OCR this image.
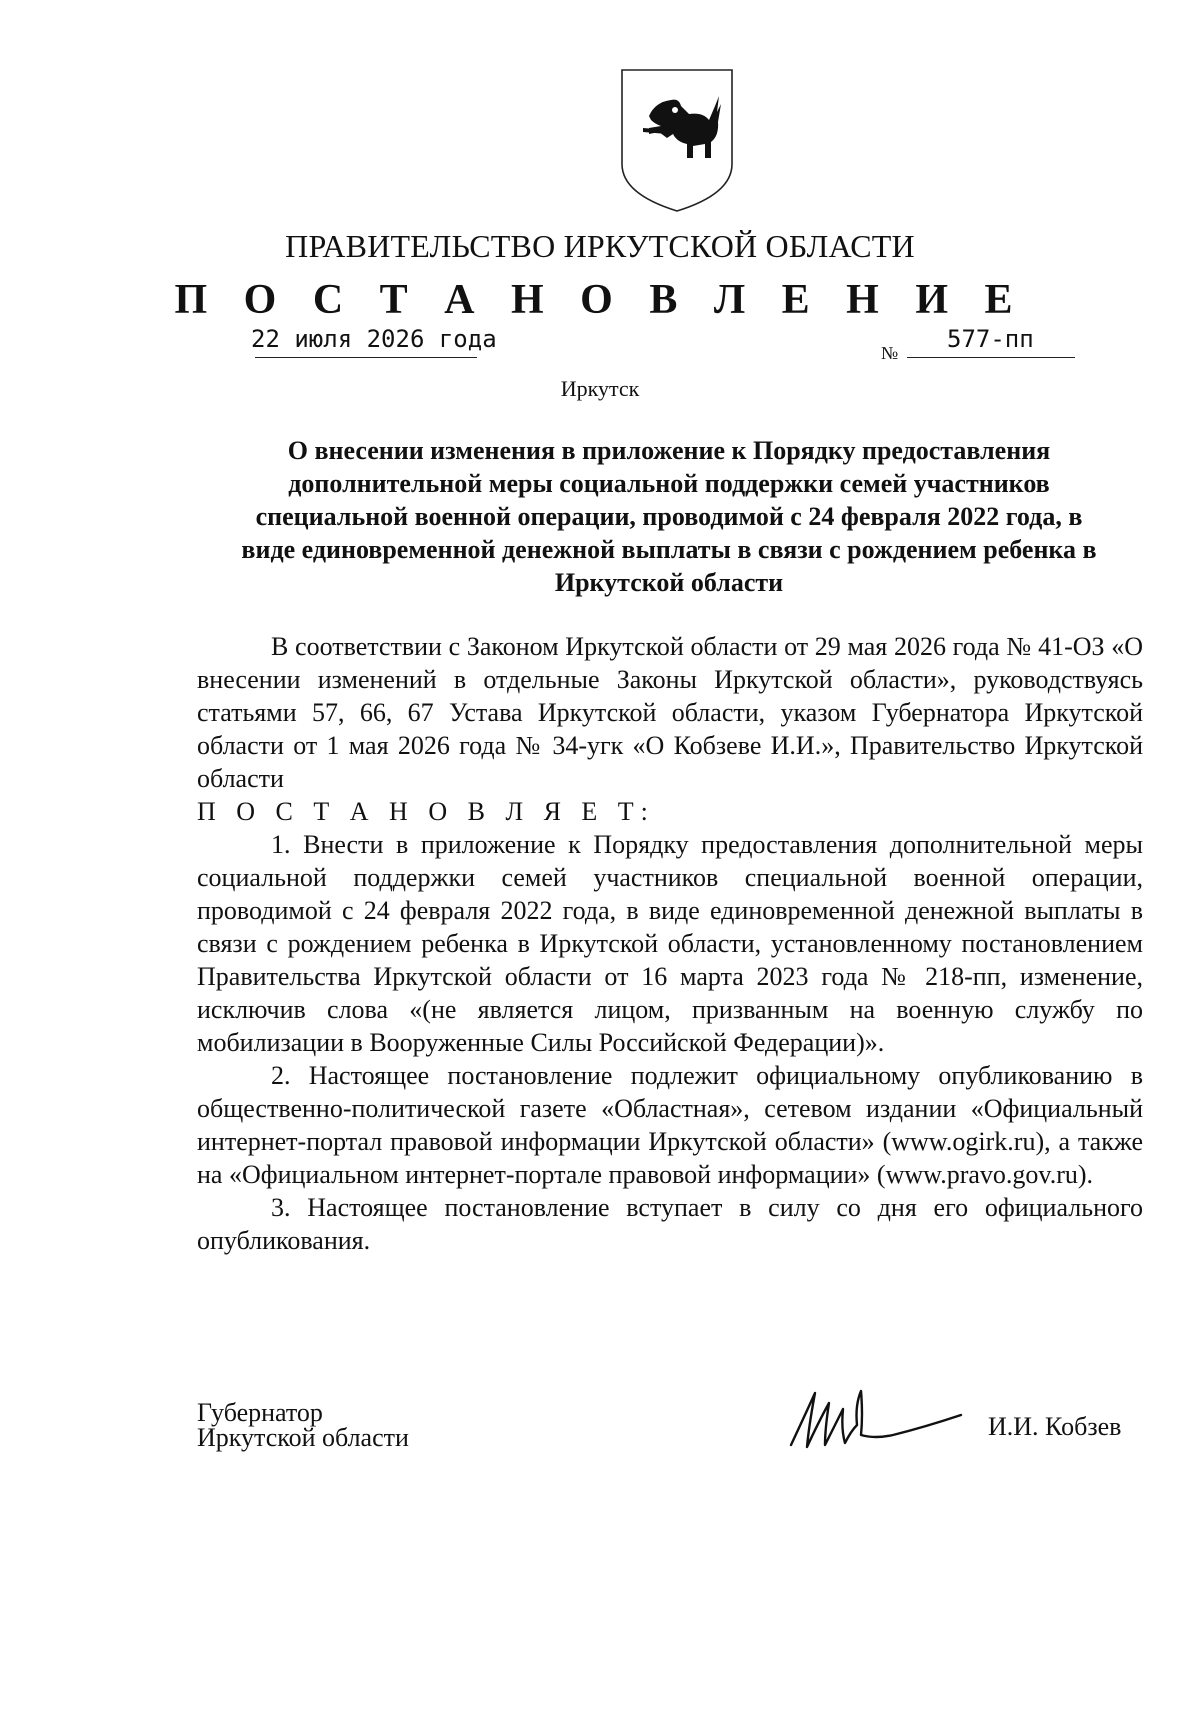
ПРАВИТЕЛЬСТВО ИРКУТСКОЙ ОБЛАСТИ
П О С Т А Н О В Л Е Н И Е
22 июля 2026 года	№	577-пп
Иркутск
О внесении изменения в приложение к Порядку предоставления
дополнительной меры социальной поддержки семей участников
специальной военной операции, проводимой с 24 февраля 2022 года, в
виде единовременной денежной выплаты в связи с рождением ребенка в
Иркутской области

В соответствии с Законом Иркутской области от 29 мая 2026 года № 41-ОЗ «О внесении изменений в отдельные Законы Иркутской области», руководствуясь статьями 57, 66, 67 Устава Иркутской области, указом Губернатора Иркутской области от 1 мая 2026 года № 34-угк «О Кобзеве И.И.», Правительство Иркутской области

П О С Т А Н О В Л Я Е Т:

1. Внести в приложение к Порядку предоставления дополнительной меры социальной поддержки семей участников специальной военной операции, проводимой с 24 февраля 2022 года, в виде единовременной денежной выплаты в связи с рождением ребенка в Иркутской области, установленному постановлением Правительства Иркутской области от 16 марта 2023 года № 218-пп, изменение, исключив слова «(не является лицом, призванным на военную службу по мобилизации в Вооруженные Силы Российской Федерации)».

2. Настоящее постановление подлежит официальному опубликованию в общественно-политической газете «Областная», сетевом издании «Официальный интернет-портал правовой информации Иркутской области» (www.ogirk.ru), а также на «Официальном интернет-портале правовой информации» (www.pravo.gov.ru).

3. Настоящее постановление вступает в силу со дня его официального опубликования.

Губернатор
Иркутской области	И.И. Кобзев
